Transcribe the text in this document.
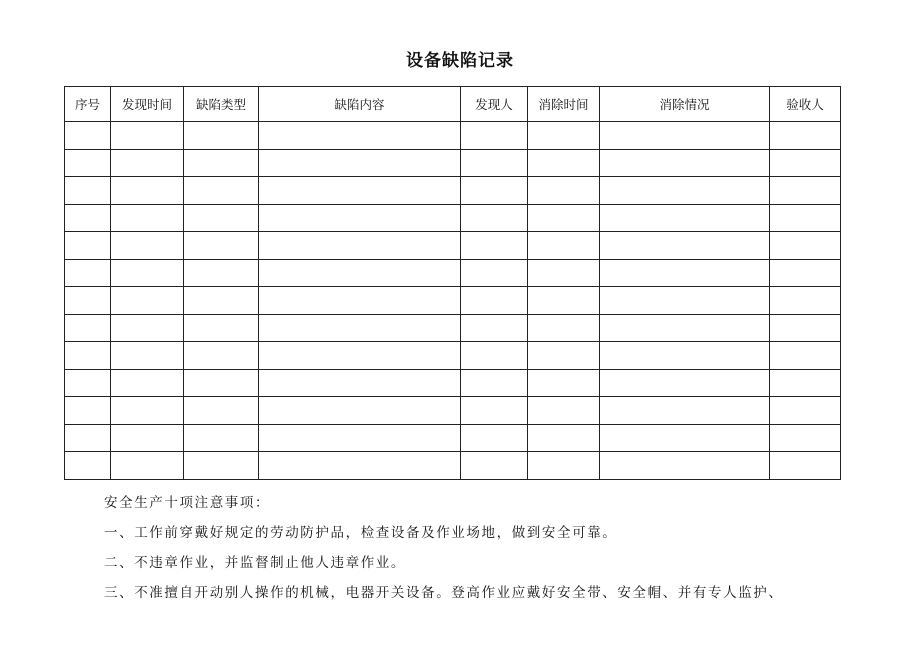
设备缺陷记录
序号	发现时间	缺陷类型	缺陷内容	发现人	消除时间	消除情况	验收人

安全生产十项注意事项：
一、工作前穿戴好规定的劳动防护品，检查设备及作业场地，做到安全可靠。
二、不违章作业，并监督制止他人违章作业。
三、不准擅自开动别人操作的机械，电器开关设备。登高作业应戴好安全带、安全帽、并有专人监护、
